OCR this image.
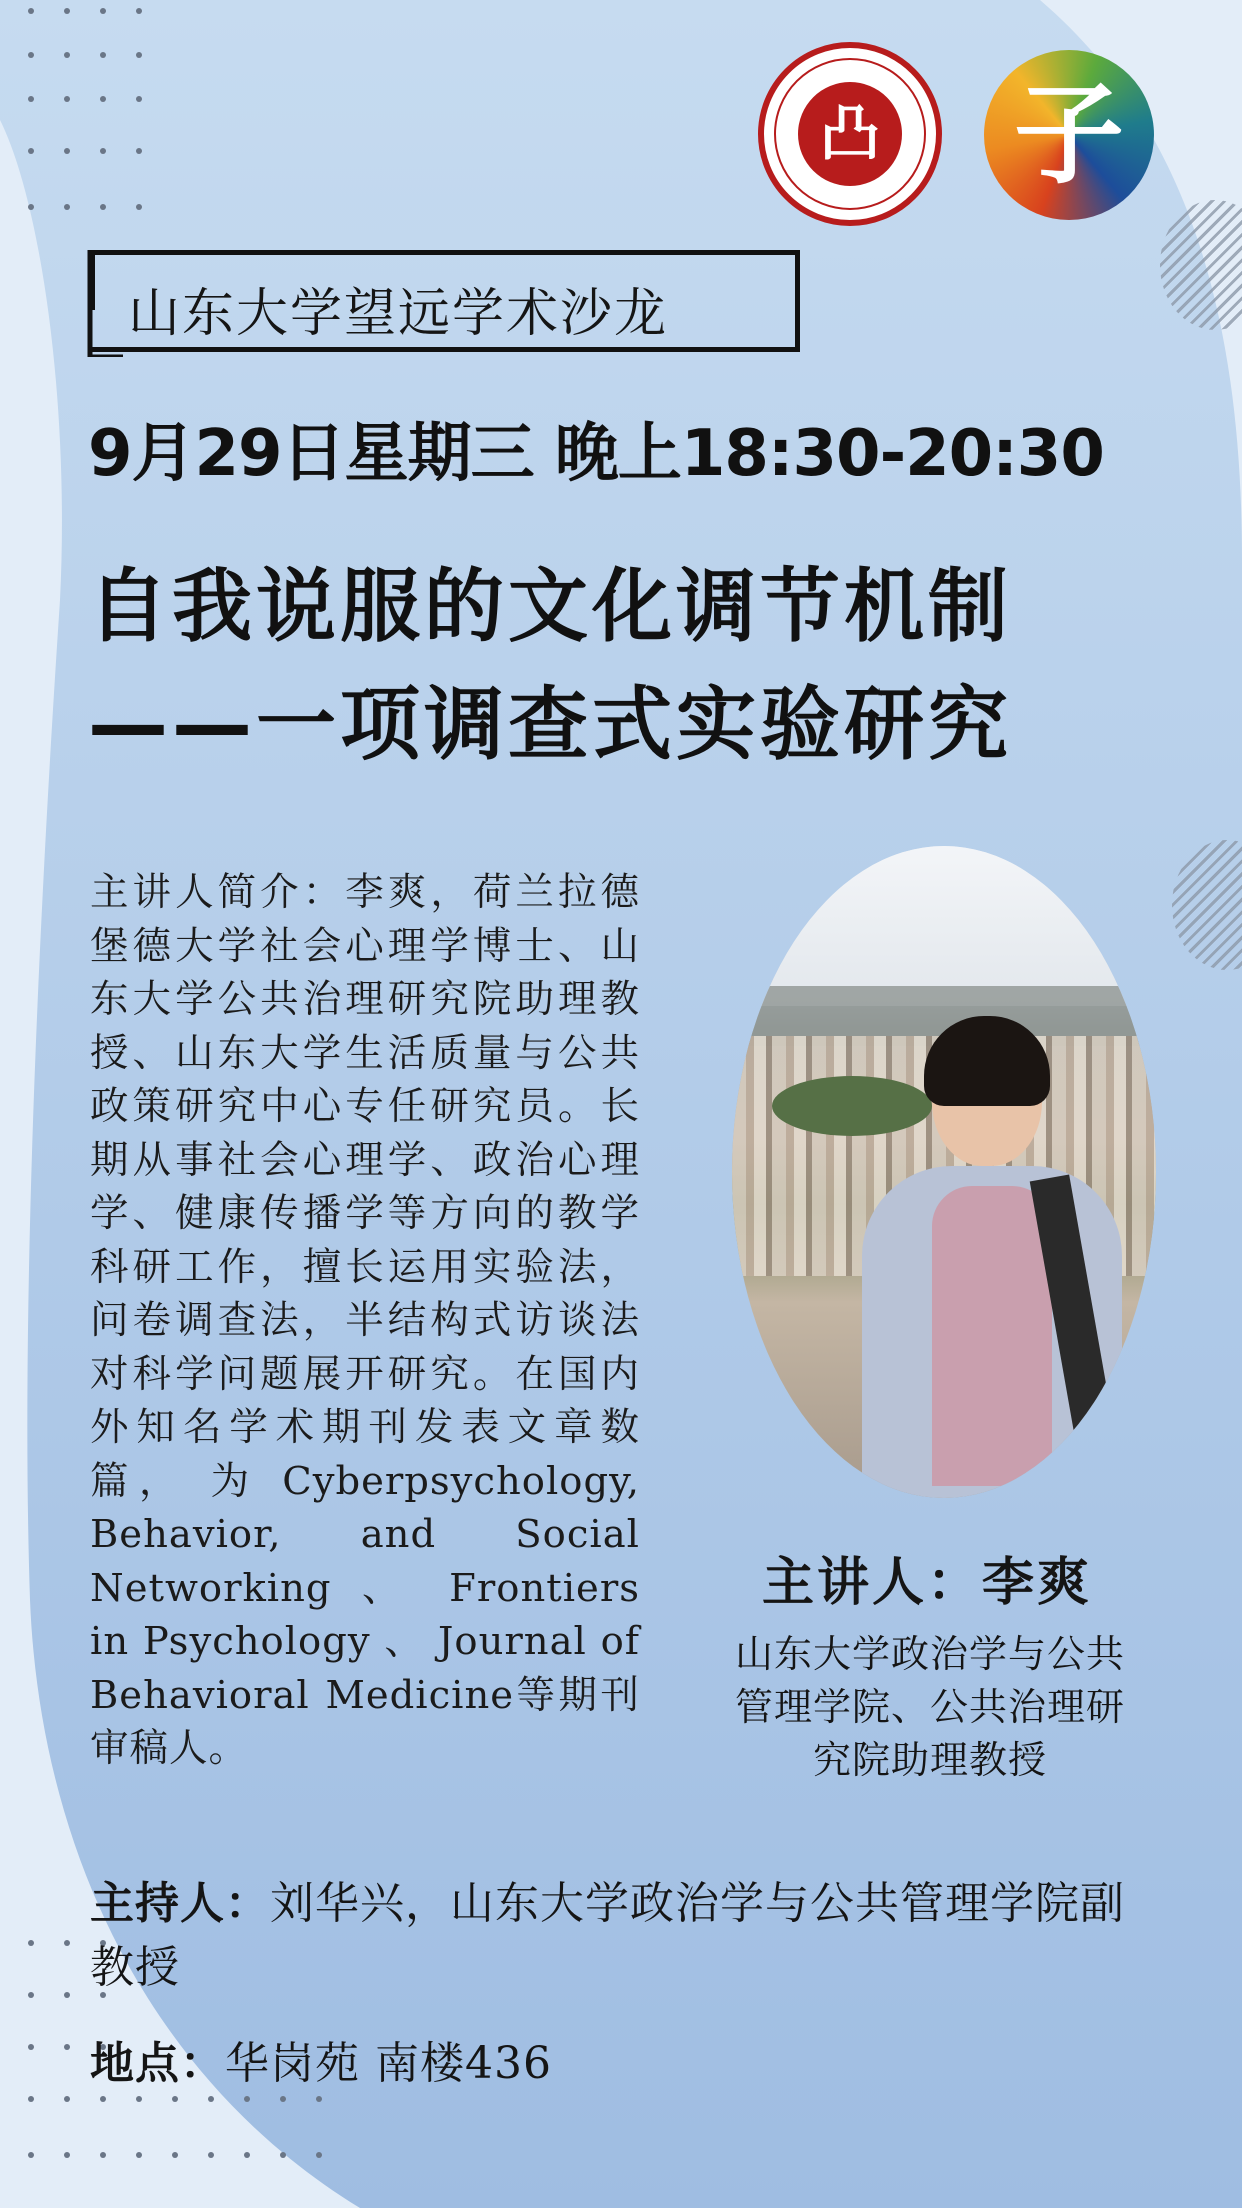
凸 子
山东大学望远学术沙龙
9月29日星期三 晚上18:30-20:30
自我说服的文化调节机制
——一项调查式实验研究
主讲人简介：李爽，荷兰拉德堡德大学社会心理学博士、山东大学公共治理研究院助理教授、山东大学生活质量与公共政策研究中心专任研究员。长期从事社会心理学、政治心理学、健康传播学等方向的教学科研工作，擅长运用实验法，问卷调查法，半结构式访谈法对科学问题展开研究。在国内外知名学术期刊发表文章数篇， 为 Cyberpsychology, Behavior, and Social Networking 、 Frontiers in Psychology 、 Journal of Behavioral Medicine等期刊审稿人。
主讲人：李爽
山东大学政治学与公共管理学院、公共治理研究院助理教授
主持人：刘华兴，山东大学政治学与公共管理学院副教授
地点：华岗苑 南楼436
